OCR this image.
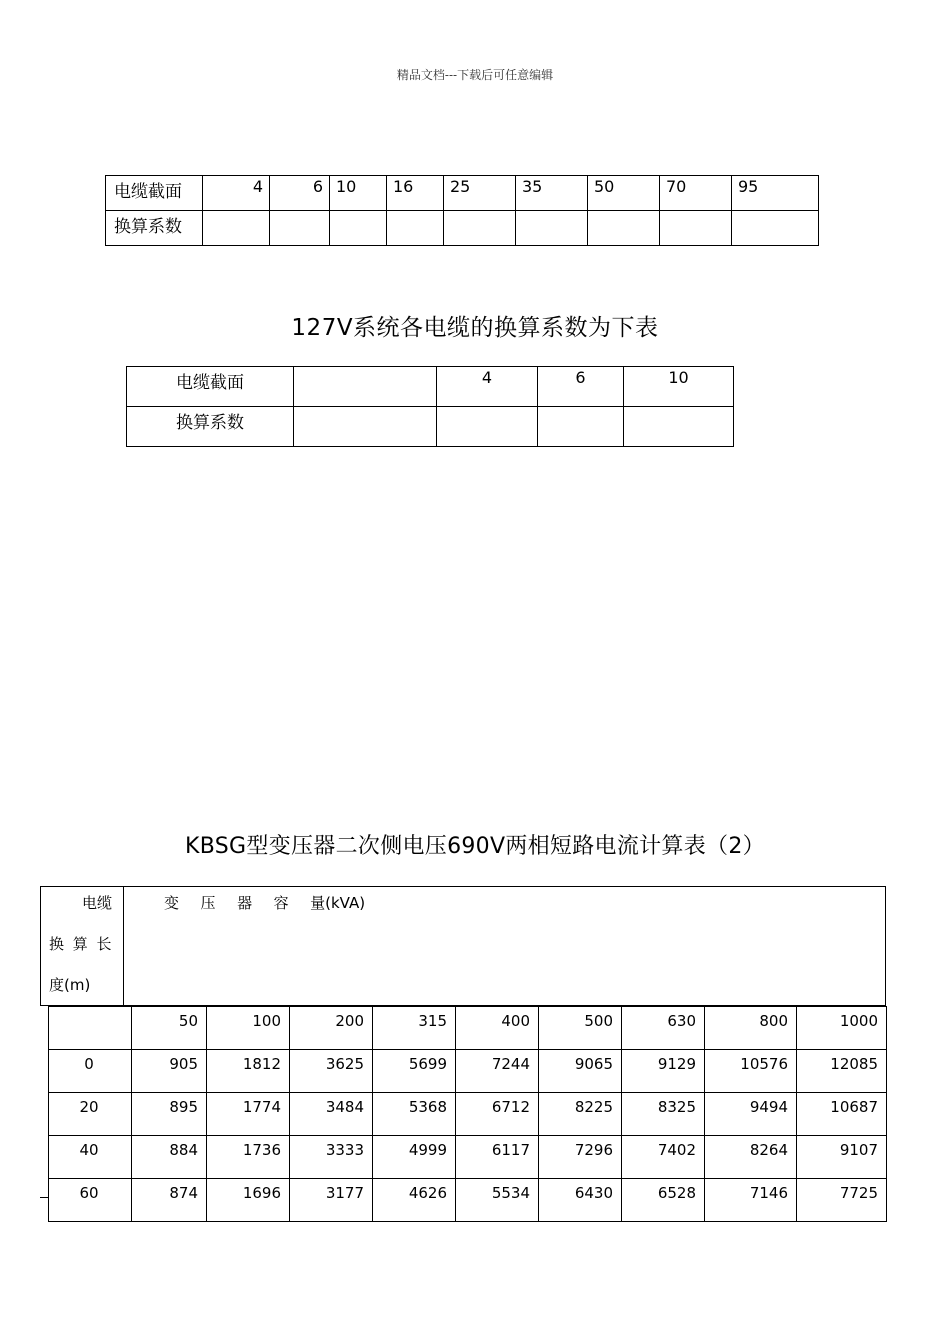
精品文档---下载后可任意编辑
电缆截面	4	6	10	16	25	35	50	70	95
换算系数									
127V系统各电缆的换算系数为下表
电缆截面		4	6	10
换算系数				
KBSG型变压器二次侧电压690V两相短路电流计算表（2）
电缆
换 算 长
度(m)
变  压  器  容  量(kVA)
	50	100	200	315	400	500	630	800	1000
0	905	1812	3625	5699	7244	9065	9129	10576	12085
20	895	1774	3484	5368	6712	8225	8325	9494	10687
40	884	1736	3333	4999	6117	7296	7402	8264	9107
60	874	1696	3177	4626	5534	6430	6528	7146	7725
